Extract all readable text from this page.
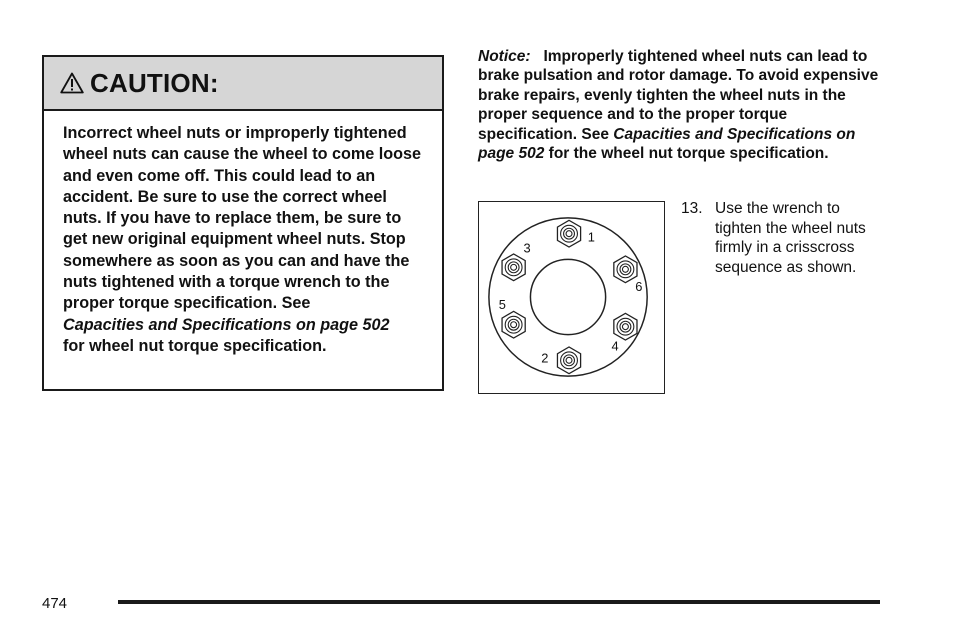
CAUTION:
Incorrect wheel nuts or improperly tightened wheel nuts can cause the wheel to come loose and even come off. This could lead to an accident. Be sure to use the correct wheel nuts. If you have to replace them, be sure to get new original equipment wheel nuts. Stop somewhere as soon as you can and have the nuts tightened with a torque wrench to the proper torque specification. See
Capacities and Specifications on page 502
for wheel nut torque specification.
Notice: Improperly tightened wheel nuts can lead to brake pulsation and rotor damage. To avoid expensive brake repairs, evenly tighten the wheel nuts in the proper sequence and to the proper torque specification. See Capacities and Specifications on page 502 for the wheel nut torque specification.
1
2
3
4
5
6
13. Use the wrench to tighten the wheel nuts firmly in a crisscross sequence as shown.
474
